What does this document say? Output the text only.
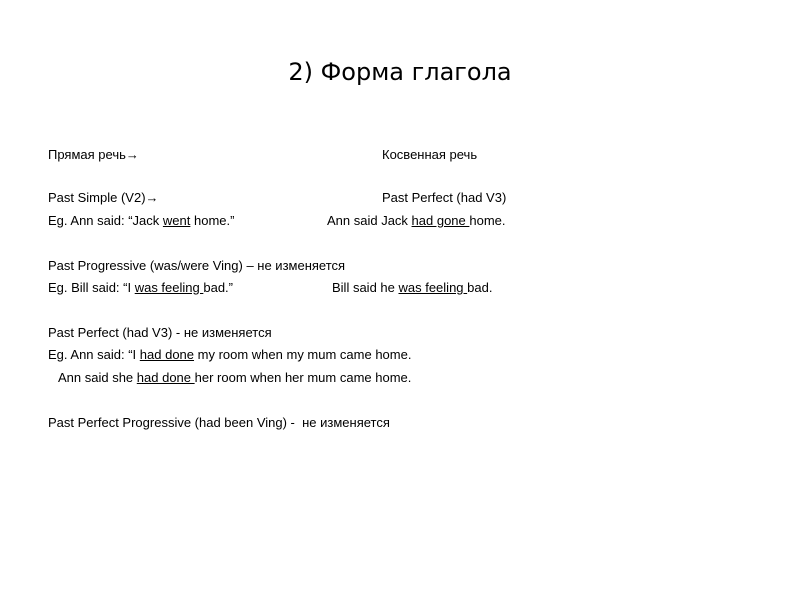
2) Форма глагола
Прямая речь→	Косвенная речь
Past Simple (V2)→	Past Perfect (had V3)
Eg. Ann said: “Jack went home.”	Ann said Jack had gone home.
Past Progressive (was/were Ving) – не изменяется
Eg. Bill said: “I was feeling bad.”	Bill said he was feeling bad.
Past Perfect (had V3) - не изменяется
Eg. Ann said: “I had done my room when my mum came home.
Ann said she had done her room when her mum came home.
Past Perfect Progressive (had been Ving) -  не изменяется
